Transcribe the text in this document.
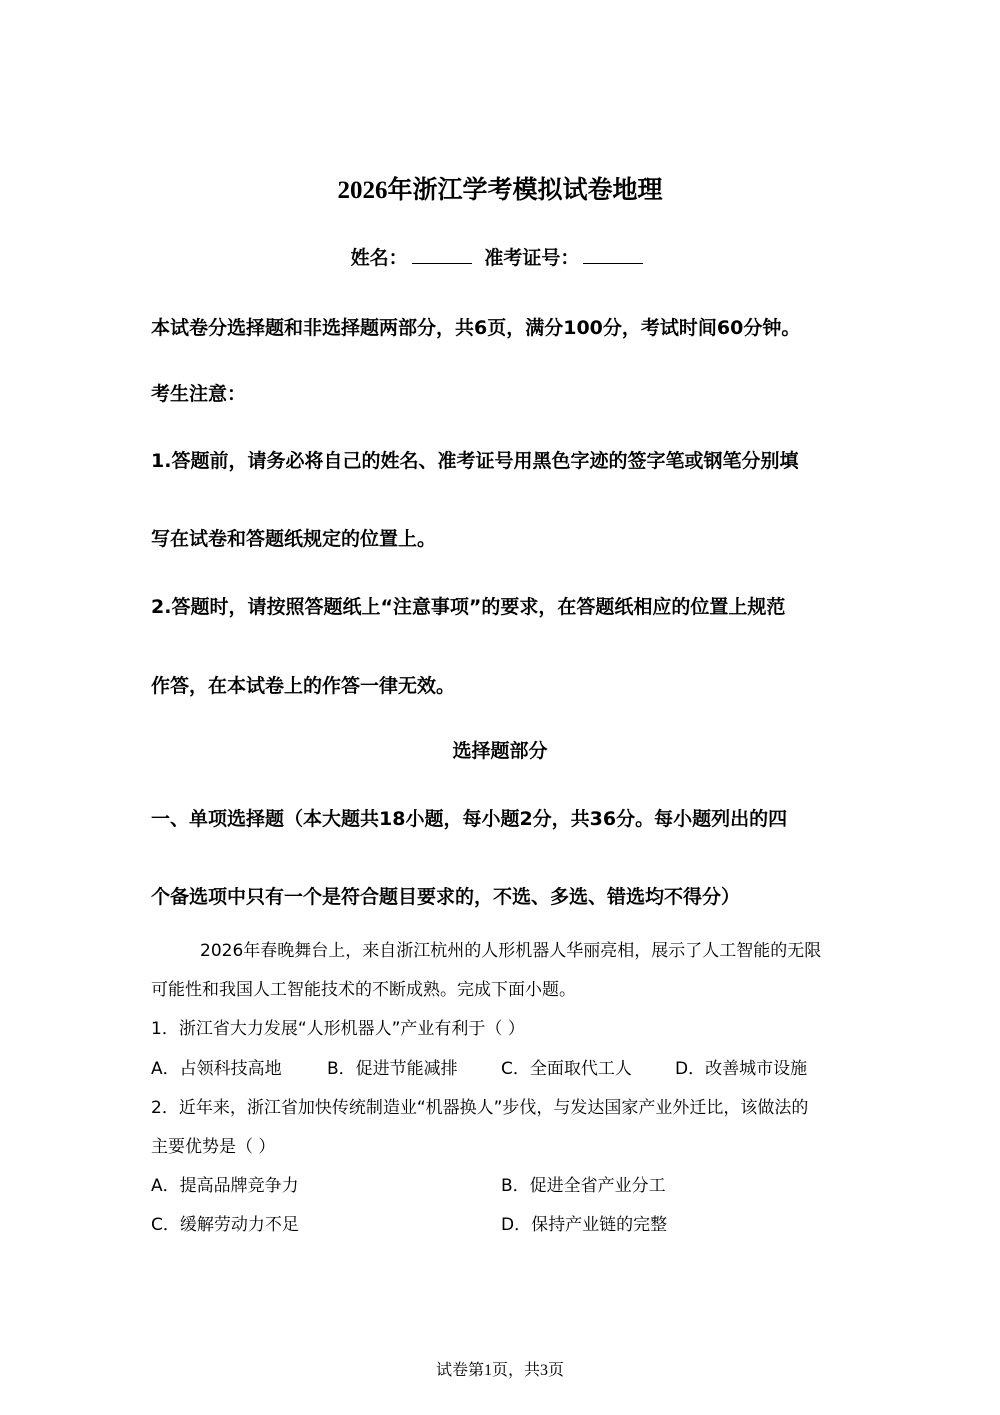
2026年浙江学考模拟试卷地理
姓名：	准考证号：
本试卷分选择题和非选择题两部分，共6页，满分100分，考试时间60分钟。
考生注意：
1.答题前，请务必将自己的姓名、准考证号用黑色字迹的签字笔或钢笔分别填
写在试卷和答题纸规定的位置上。
2.答题时，请按照答题纸上“注意事项”的要求，在答题纸相应的位置上规范
作答，在本试卷上的作答一律无效。
选择题部分
一、单项选择题（本大题共18小题，每小题2分，共36分。每小题列出的四
个备选项中只有一个是符合题目要求的，不选、多选、错选均不得分）
2026年春晚舞台上，来自浙江杭州的人形机器人华丽亮相，展示了人工智能的无限
可能性和我国人工智能技术的不断成熟。完成下面小题。
1．浙江省大力发展“人形机器人”产业有利于（ ）
A．占领科技高地	B．促进节能减排	C．全面取代工人	D．改善城市设施
2．近年来，浙江省加快传统制造业“机器换人”步伐，与发达国家产业外迁比，该做法的
主要优势是（ ）
A．提高品牌竞争力	B．促进全省产业分工
C．缓解劳动力不足	D．保持产业链的完整
试卷第1页，共3页
